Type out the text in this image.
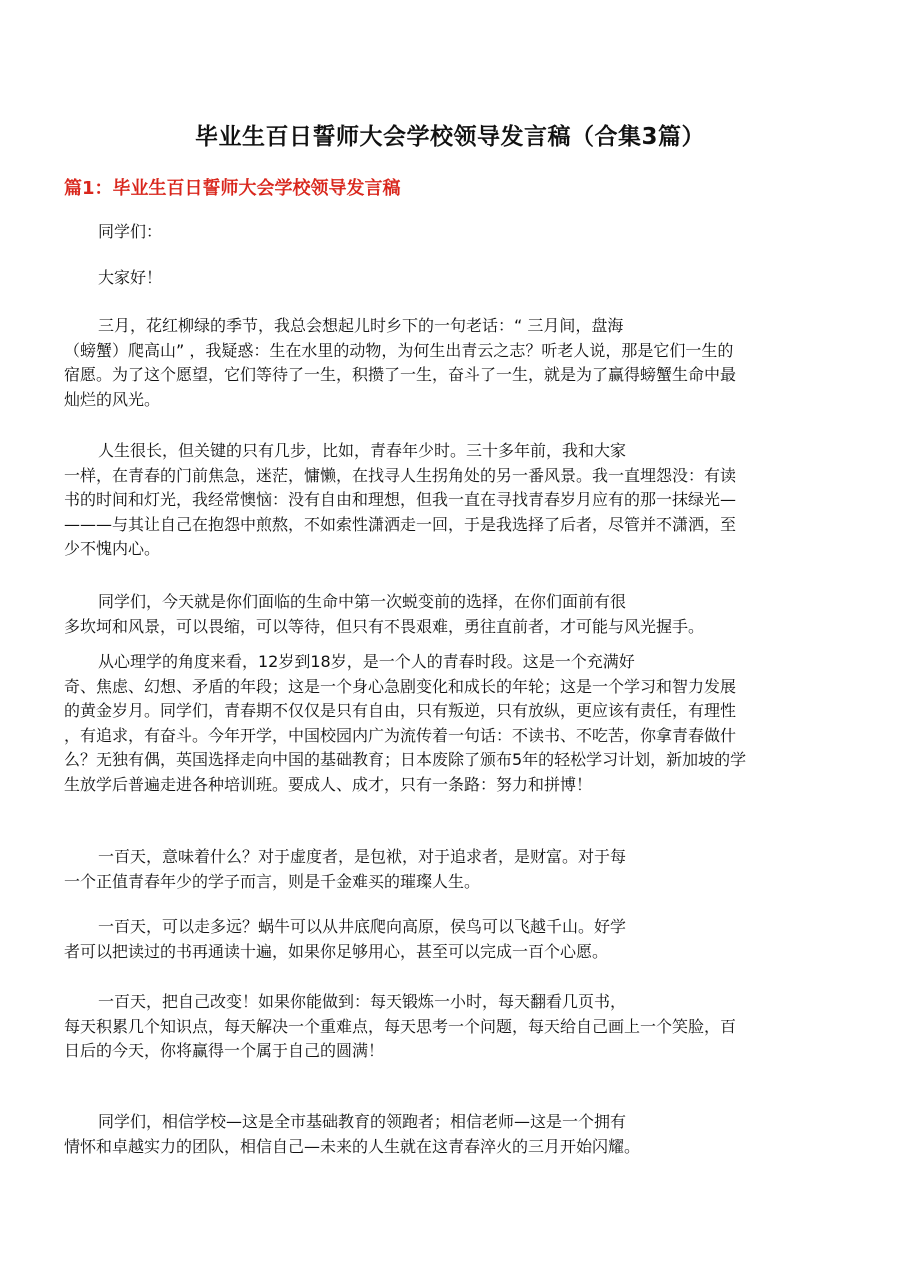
毕业生百日誓师大会学校领导发言稿（合集3篇）
篇1：毕业生百日誓师大会学校领导发言稿
同学们：
大家好！
三月，花红柳绿的季节，我总会想起儿时乡下的一句老话：“ 三月间，盘海
（螃蟹）爬高山” ，我疑惑：生在水里的动物，为何生出青云之志？听老人说，那是它们一生的
宿愿。为了这个愿望，它们等待了一生，积攒了一生，奋斗了一生，就是为了赢得螃蟹生命中最
灿烂的风光。
人生很长，但关键的只有几步，比如，青春年少时。三十多年前，我和大家
一样，在青春的门前焦急，迷茫，慵懒，在找寻人生拐角处的另一番风景。我一直埋怨没：有读
书的时间和灯光，我经常懊恼：没有自由和理想，但我一直在寻找青春岁月应有的那一抹绿光—
———与其让自己在抱怨中煎熬，不如索性潇洒走一回，于是我选择了后者，尽管并不潇洒，至
少不愧内心。
同学们，今天就是你们面临的生命中第一次蜕变前的选择，在你们面前有很
多坎坷和风景，可以畏缩，可以等待，但只有不畏艰难，勇往直前者，才可能与风光握手。
从心理学的角度来看，12岁到18岁，是一个人的青春时段。这是一个充满好
奇、焦虑、幻想、矛盾的年段；这是一个身心急剧变化和成长的年轮；这是一个学习和智力发展
的黄金岁月。同学们，青春期不仅仅是只有自由，只有叛逆，只有放纵，更应该有责任，有理性
，有追求，有奋斗。今年开学，中国校园内广为流传着一句话：不读书、不吃苦，你拿青春做什
么？无独有偶，英国选择走向中国的基础教育；日本废除了颁布5年的轻松学习计划，新加坡的学
生放学后普遍走进各种培训班。要成人、成才，只有一条路：努力和拼博！
一百天，意味着什么？对于虚度者，是包袱，对于追求者，是财富。对于每
一个正值青春年少的学子而言，则是千金难买的璀璨人生。
一百天，可以走多远？蜗牛可以从井底爬向高原，侯鸟可以飞越千山。好学
者可以把读过的书再通读十遍，如果你足够用心，甚至可以完成一百个心愿。
一百天，把自己改变！如果你能做到：每天锻炼一小时，每天翻看几页书，
每天积累几个知识点，每天解决一个重难点，每天思考一个问题，每天给自己画上一个笑脸，百
日后的今天，你将赢得一个属于自己的圆满！
同学们，相信学校—这是全市基础教育的领跑者；相信老师—这是一个拥有
情怀和卓越实力的团队，相信自己—未来的人生就在这青春淬火的三月开始闪耀。
